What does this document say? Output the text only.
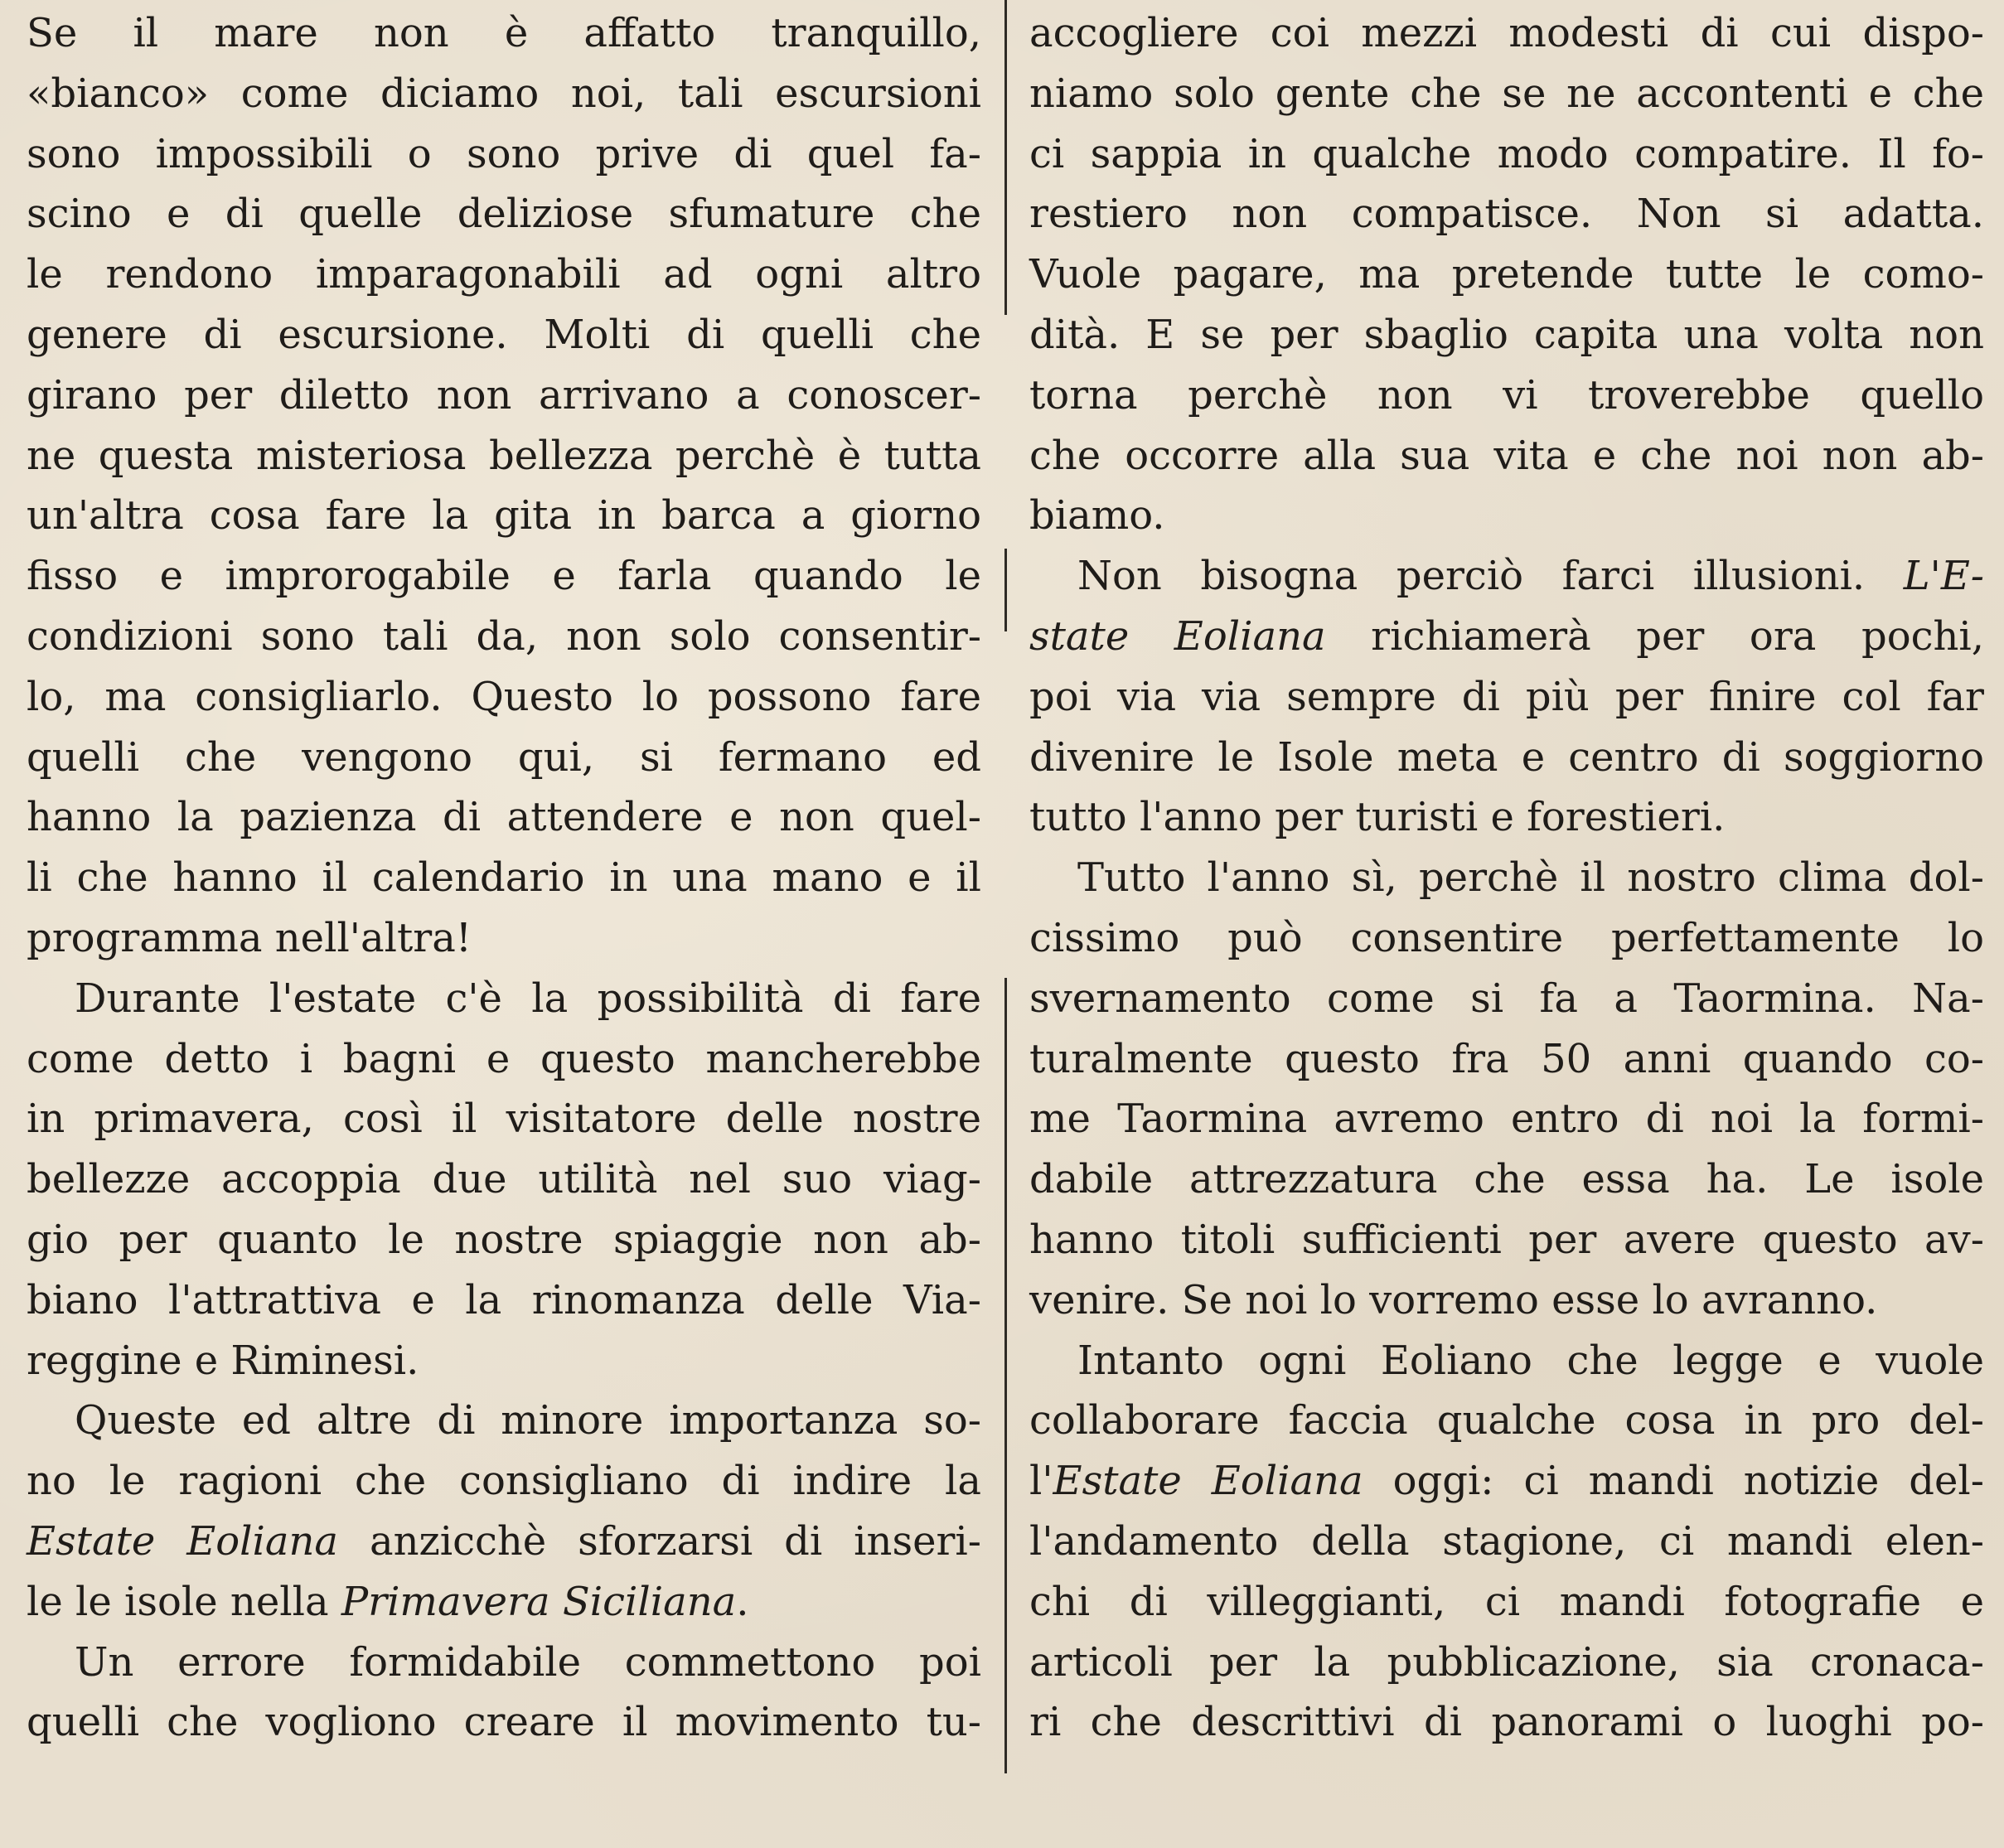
Se il mare non è affatto tranquillo,
«bianco» come diciamo noi, tali escursioni
sono impossibili o sono prive di quel fa-
scino e di quelle deliziose sfumature che
le rendono imparagonabili ad ogni altro
genere di escursione. Molti di quelli che
girano per diletto non arrivano a conoscer-
ne questa misteriosa bellezza perchè è tutta
un'altra cosa fare la gita in barca a giorno
fisso e improrogabile e farla quando le
condizioni sono tali da, non solo consentir-
lo, ma consigliarlo. Questo lo possono fare
quelli che vengono qui, si fermano ed
hanno la pazienza di attendere e non quel-
li che hanno il calendario in una mano e il
programma nell'altra!
Durante l'estate c'è la possibilità di fare
come detto i bagni e questo mancherebbe
in primavera, così il visitatore delle nostre
bellezze accoppia due utilità nel suo viag-
gio per quanto le nostre spiaggie non ab-
biano l'attrattiva e la rinomanza delle Via-
reggine e Riminesi.
Queste ed altre di minore importanza so-
no le ragioni che consigliano di indire la
Estate Eoliana anzicchè sforzarsi di inseri-
le le isole nella Primavera Siciliana.
Un errore formidabile commettono poi
quelli che vogliono creare il movimento tu-
accogliere coi mezzi modesti di cui dispo-
niamo solo gente che se ne accontenti e che
ci sappia in qualche modo compatire. Il fo-
restiero non compatisce. Non si adatta.
Vuole pagare, ma pretende tutte le como-
dità. E se per sbaglio capita una volta non
torna perchè non vi troverebbe quello
che occorre alla sua vita e che noi non ab-
biamo.
Non bisogna perciò farci illusioni. L'E-
state Eoliana richiamerà per ora pochi,
poi via via sempre di più per finire col far
divenire le Isole meta e centro di soggiorno
tutto l'anno per turisti e forestieri.
Tutto l'anno sì, perchè il nostro clima dol-
cissimo può consentire perfettamente lo
svernamento come si fa a Taormina. Na-
turalmente questo fra 50 anni quando co-
me Taormina avremo entro di noi la formi-
dabile attrezzatura che essa ha. Le isole
hanno titoli sufficienti per avere questo av-
venire. Se noi lo vorremo esse lo avranno.
Intanto ogni Eoliano che legge e vuole
collaborare faccia qualche cosa in pro del-
l'Estate Eoliana oggi: ci mandi notizie del-
l'andamento della stagione, ci mandi elen-
chi di villeggianti, ci mandi fotografie e
articoli per la pubblicazione, sia cronaca-
ri che descrittivi di panorami o luoghi po-
